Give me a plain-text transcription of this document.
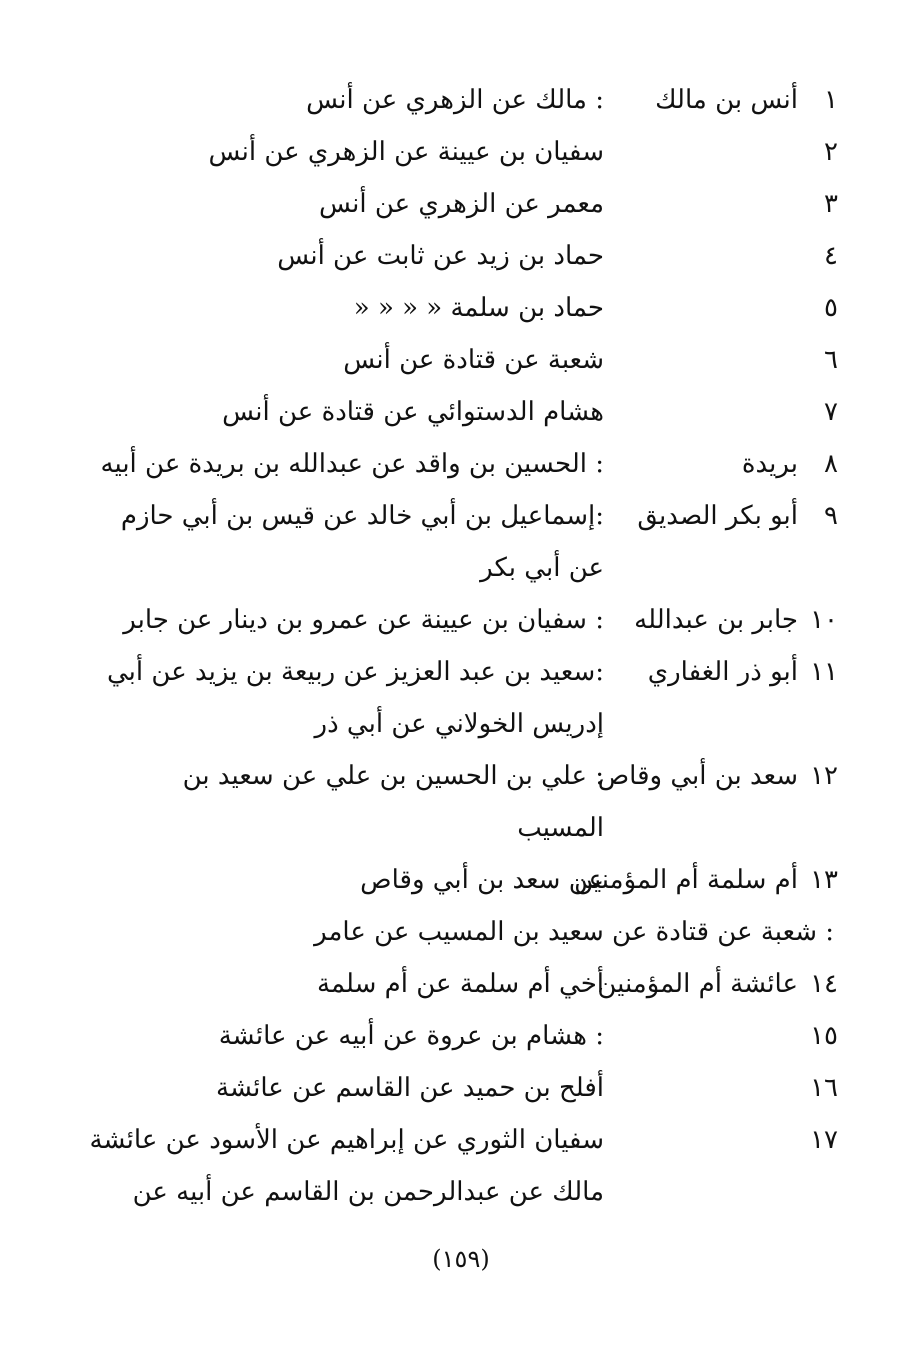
١
أنس بن مالك
: مالك عن الزهري عن أنس
٢
سفيان بن عيينة عن الزهري عن أنس
٣
معمر عن الزهري عن أنس
٤
حماد بن زيد عن ثابت عن أنس
٥
حماد بن سلمة « « « «
٦
شعبة عن قتادة عن أنس
٧
هشام الدستوائي عن قتادة عن أنس
٨
بريدة
: الحسين بن واقد عن عبدالله بن بريدة عن أبيه
٩
أبو بكر الصديق
:إسماعيل بن أبي خالد عن قيس بن أبي حازم
عن أبي بكر
١٠
جابر بن عبدالله
: سفيان بن عيينة عن عمرو بن دينار عن جابر
١١
أبو ذر الغفاري
:سعيد بن عبد العزيز عن ربيعة بن يزيد عن أبي
إدريس الخولاني عن أبي ذر
١٢
سعد بن أبي وقاص
: علي بن الحسين بن علي عن سعيد بن
المسيب
١٣
أم سلمة أم المؤمنين
عن سعد بن أبي وقاص
: شعبة عن قتادة عن سعيد بن المسيب عن عامر
١٤
عائشة أم المؤمنين
أخي أم سلمة عن أم سلمة
١٥
: هشام بن عروة عن أبيه عن عائشة
١٦
أفلح بن حميد عن القاسم عن عائشة
١٧
سفيان الثوري عن إبراهيم عن الأسود عن عائشة
مالك عن عبدالرحمن بن القاسم عن أبيه عن
(١٥٩)
